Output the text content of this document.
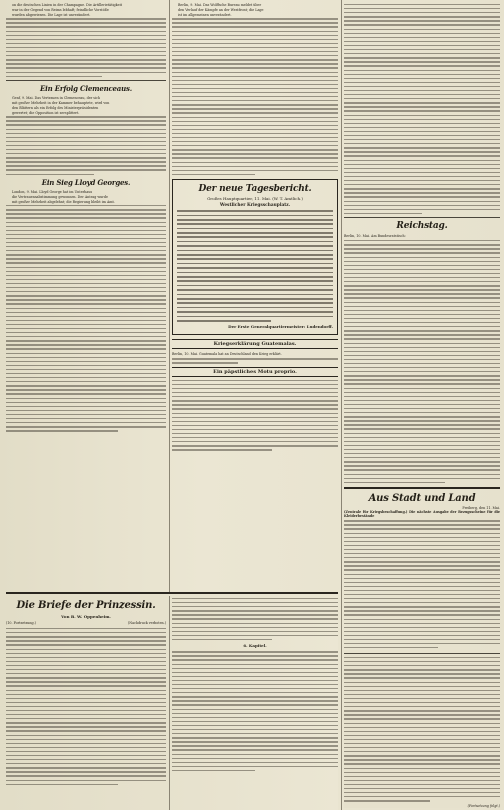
on die deutschen Linien in der Champagne. Die Artillerietätigkeit

war in der Gegend von Reims lebhaft; feindliche Vorstöße

wurden abgewiesen. Die Lage ist unverändert.

Ein Erfolg Clemenceaus.

Genf, 9. Mai. Das Vertrauen in Clemenceau, der sich

mit großer Mehrheit in der Kammer behauptete, wird von

den Blättern als ein Erfolg des Ministerpräsidenten

gewertet; die Opposition ist zersplittert.

Ein Sieg Lloyd Georges.

London, 9. Mai. Lloyd George hat im Unterhaus

die Vertrauensabstimmung gewonnen. Der Antrag wurde

mit großer Mehrheit abgelehnt; die Regierung bleibt im Amt.

Berlin, 9. Mai. Das Wolffsche Bureau meldet über

den Verlauf der Kämpfe an der Westfront; die Lage

ist im allgemeinen unverändert.

Der neue Tagesbericht.
Großes Hauptquartier, 11. Mai. (W. T. Amtlich.)
Westlicher Kriegsschauplatz.
Der Erste Generalquartiermeister: Ludendorff.
Kriegserklärung Guatemalas.
Berlin, 10. Mai. Guatemala hat an Deutschland den Krieg erklärt.
Ein päpstliches Motu proprio.
Reichstag.
Berlin, 10. Mai. Am Bundesratstisch:
Aus Stadt und Land
Freiberg, den 11. Mai.
(Zentrale für Kriegsbeschaffung.) Die nächste Ausgabe der Bezugsscheine für die Kleiderbestände
Die Briefe der Prinzessin.
Von B. W. Oppenheim.
(10. Fortsetzung.)	(Nachdruck verboten.)
6. Kapitel.
(Fortsetzung folgt.)
